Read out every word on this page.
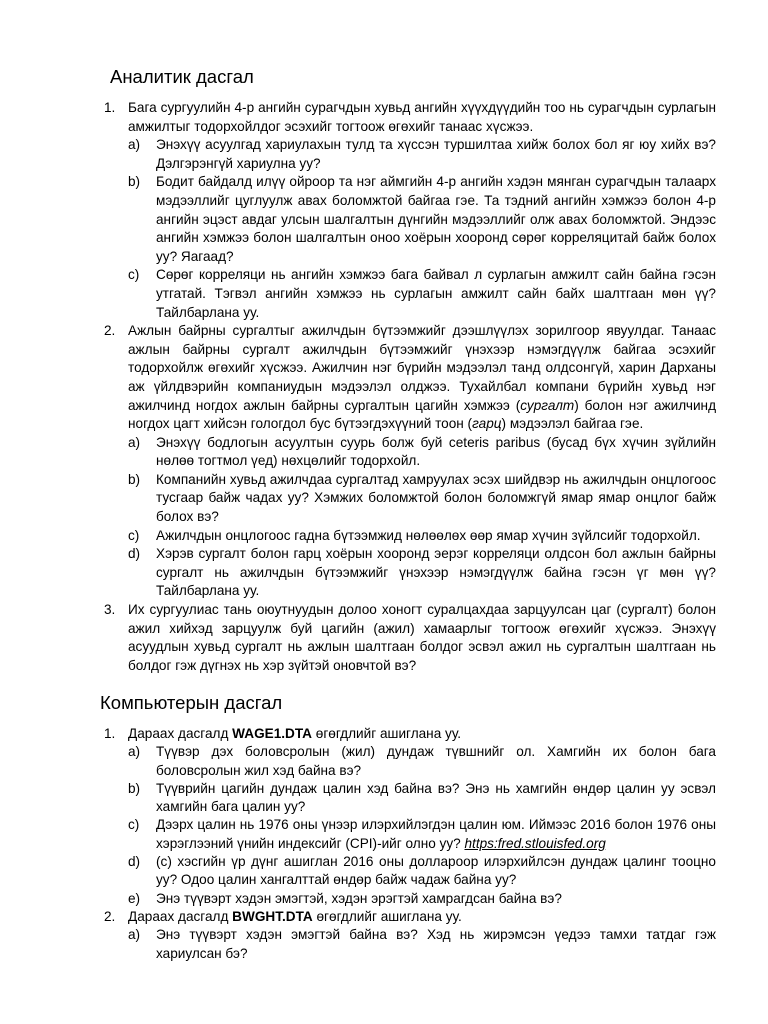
Аналитик дасгал
1. Бага сургуулийн 4-р ангийн сурагчдын хувьд ангийн хүүхдүүдийн тоо нь сурагчдын сурлагын амжилтыг тодорхойлдог эсэхийг тогтоож өгөхийг танаас хүсжээ.

a) Энэхүү асуулгад хариулахын тулд та хүссэн туршилтаа хийж болох бол яг юу хийх вэ? Дэлгэрэнгүй хариулна уу?

b) Бодит байдалд илүү ойроор та нэг аймгийн 4-р ангийн хэдэн мянган сурагчдын талаарх мэдээллийг цуглуулж авах боломжтой байгаа гэе. Та тэдний ангийн хэмжээ болон 4-р ангийн эцэст авдаг улсын шалгалтын дүнгийн мэдээллийг олж авах боломжтой. Эндээс ангийн хэмжээ болон шалгалтын оноо хоёрын хооронд сөрөг корреляцитай байж болох уу? Яагаад?

c) Сөрөг корреляци нь ангийн хэмжээ бага байвал л сурлагын амжилт сайн байна гэсэн утгатай. Тэгвэл ангийн хэмжээ нь сурлагын амжилт сайн байх шалтгаан мөн үү? Тайлбарлана уу.

2. Ажлын байрны сургалтыг ажилчдын бүтээмжийг дээшлүүлэх зорилгоор явуулдаг. Танаас ажлын байрны сургалт ажилчдын бүтээмжийг үнэхээр нэмэгдүүлж байгаа эсэхийг тодорхойлж өгөхийг хүсжээ. Ажилчин нэг бүрийн мэдээлэл танд олдсонгүй, харин Дарханы аж үйлдвэрийн компаниудын мэдээлэл олджээ. Тухайлбал компани бүрийн хувьд нэг ажилчинд ногдох ажлын байрны сургалтын цагийн хэмжээ (сургалт) болон нэг ажилчинд ногдох цагт хийсэн гологдол бус бүтээгдэхүүний тоон (гарц) мэдээлэл байгаа гэе.

a) Энэхүү бодлогын асуултын суурь болж буй ceteris paribus (бусад бүх хүчин зүйлийн нөлөө тогтмол үед) нөхцөлийг тодорхойл.

b) Компанийн хувьд ажилчдаа сургалтад хамруулах эсэх шийдвэр нь ажилчдын онцлогоос тусгаар байж чадах уу? Хэмжих боломжтой болон боломжгүй ямар ямар онцлог байж болох вэ?

c) Ажилчдын онцлогоос гадна бүтээмжид нөлөөлөх өөр ямар хүчин зүйлсийг тодорхойл.

d) Хэрэв сургалт болон гарц хоёрын хооронд эерэг корреляци олдсон бол ажлын байрны сургалт нь ажилчдын бүтээмжийг үнэхээр нэмэгдүүлж байна гэсэн үг мөн үү? Тайлбарлана уу.

3. Их сургуулиас тань оюутнуудын долоо хоногт суралцахдаа зарцуулсан цаг (сургалт) болон ажил хийхэд зарцуулж буй цагийн (ажил) хамаарлыг тогтоож өгөхийг хүсжээ. Энэхүү асуудлын хувьд сургалт нь ажлын шалтгаан болдог эсвэл ажил нь сургалтын шалтгаан нь болдог гэж дүгнэх нь хэр зүйтэй оновчтой вэ?

Компьютерын дасгал
1. Дараах дасгалд WAGE1.DTA өгөгдлийг ашиглана уу.

a) Түүвэр дэх боловсролын (жил) дундаж түвшнийг ол. Хамгийн их болон бага боловсролын жил хэд байна вэ?

b) Түүврийн цагийн дундаж цалин хэд байна вэ? Энэ нь хамгийн өндөр цалин уу эсвэл хамгийн бага цалин уу?

c) Дээрх цалин нь 1976 оны үнээр илэрхийлэгдэн цалин юм. Иймээс 2016 болон 1976 оны хэрэглээний үнийн индексийг (CPI)-ийг олно уу? https:fred.stlouisfed.org

d) (c) хэсгийн үр дүнг ашиглан 2016 оны доллароор илэрхийлсэн дундаж цалинг тооцно уу? Одоо цалин хангалттай өндөр байж чадаж байна уу?

e) Энэ түүвэрт хэдэн эмэгтэй, хэдэн эрэгтэй хамрагдсан байна вэ?

2. Дараах дасгалд BWGHT.DTA өгөгдлийг ашиглана уу.

a) Энэ түүвэрт хэдэн эмэгтэй байна вэ? Хэд нь жирэмсэн үедээ тамхи татдаг гэж хариулсан бэ?
